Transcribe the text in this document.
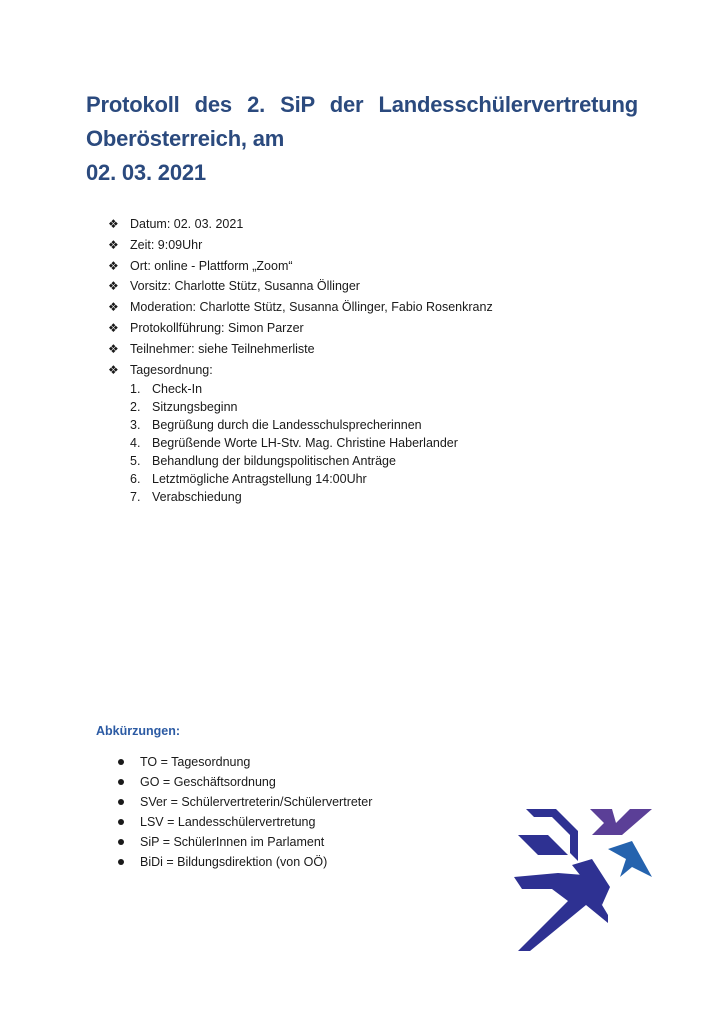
Protokoll des 2. SiP der Landesschülervertretung
Oberösterreich, am
02. 03. 2021
❖ Datum: 02. 03. 2021
❖ Zeit: 9:09Uhr
❖ Ort: online - Plattform „Zoom“
❖ Vorsitz: Charlotte Stütz, Susanna Öllinger
❖ Moderation: Charlotte Stütz, Susanna Öllinger, Fabio Rosenkranz
❖ Protokollführung: Simon Parzer
❖ Teilnehmer: siehe Teilnehmerliste
❖ Tagesordnung:
1. Check-In
2. Sitzungsbeginn
3. Begrüßung durch die Landesschulsprecherinnen
4. Begrüßende Worte LH-Stv. Mag. Christine Haberlander
5. Behandlung der bildungspolitischen Anträge
6. Letztmögliche Antragstellung 14:00Uhr
7. Verabschiedung
Abkürzungen:
TO = Tagesordnung
GO = Geschäftsordnung
SVer = Schülervertreterin/Schülervertreter
LSV = Landesschülervertretung
SiP = SchülerInnen im Parlament
BiDi = Bildungsdirektion (von OÖ)
